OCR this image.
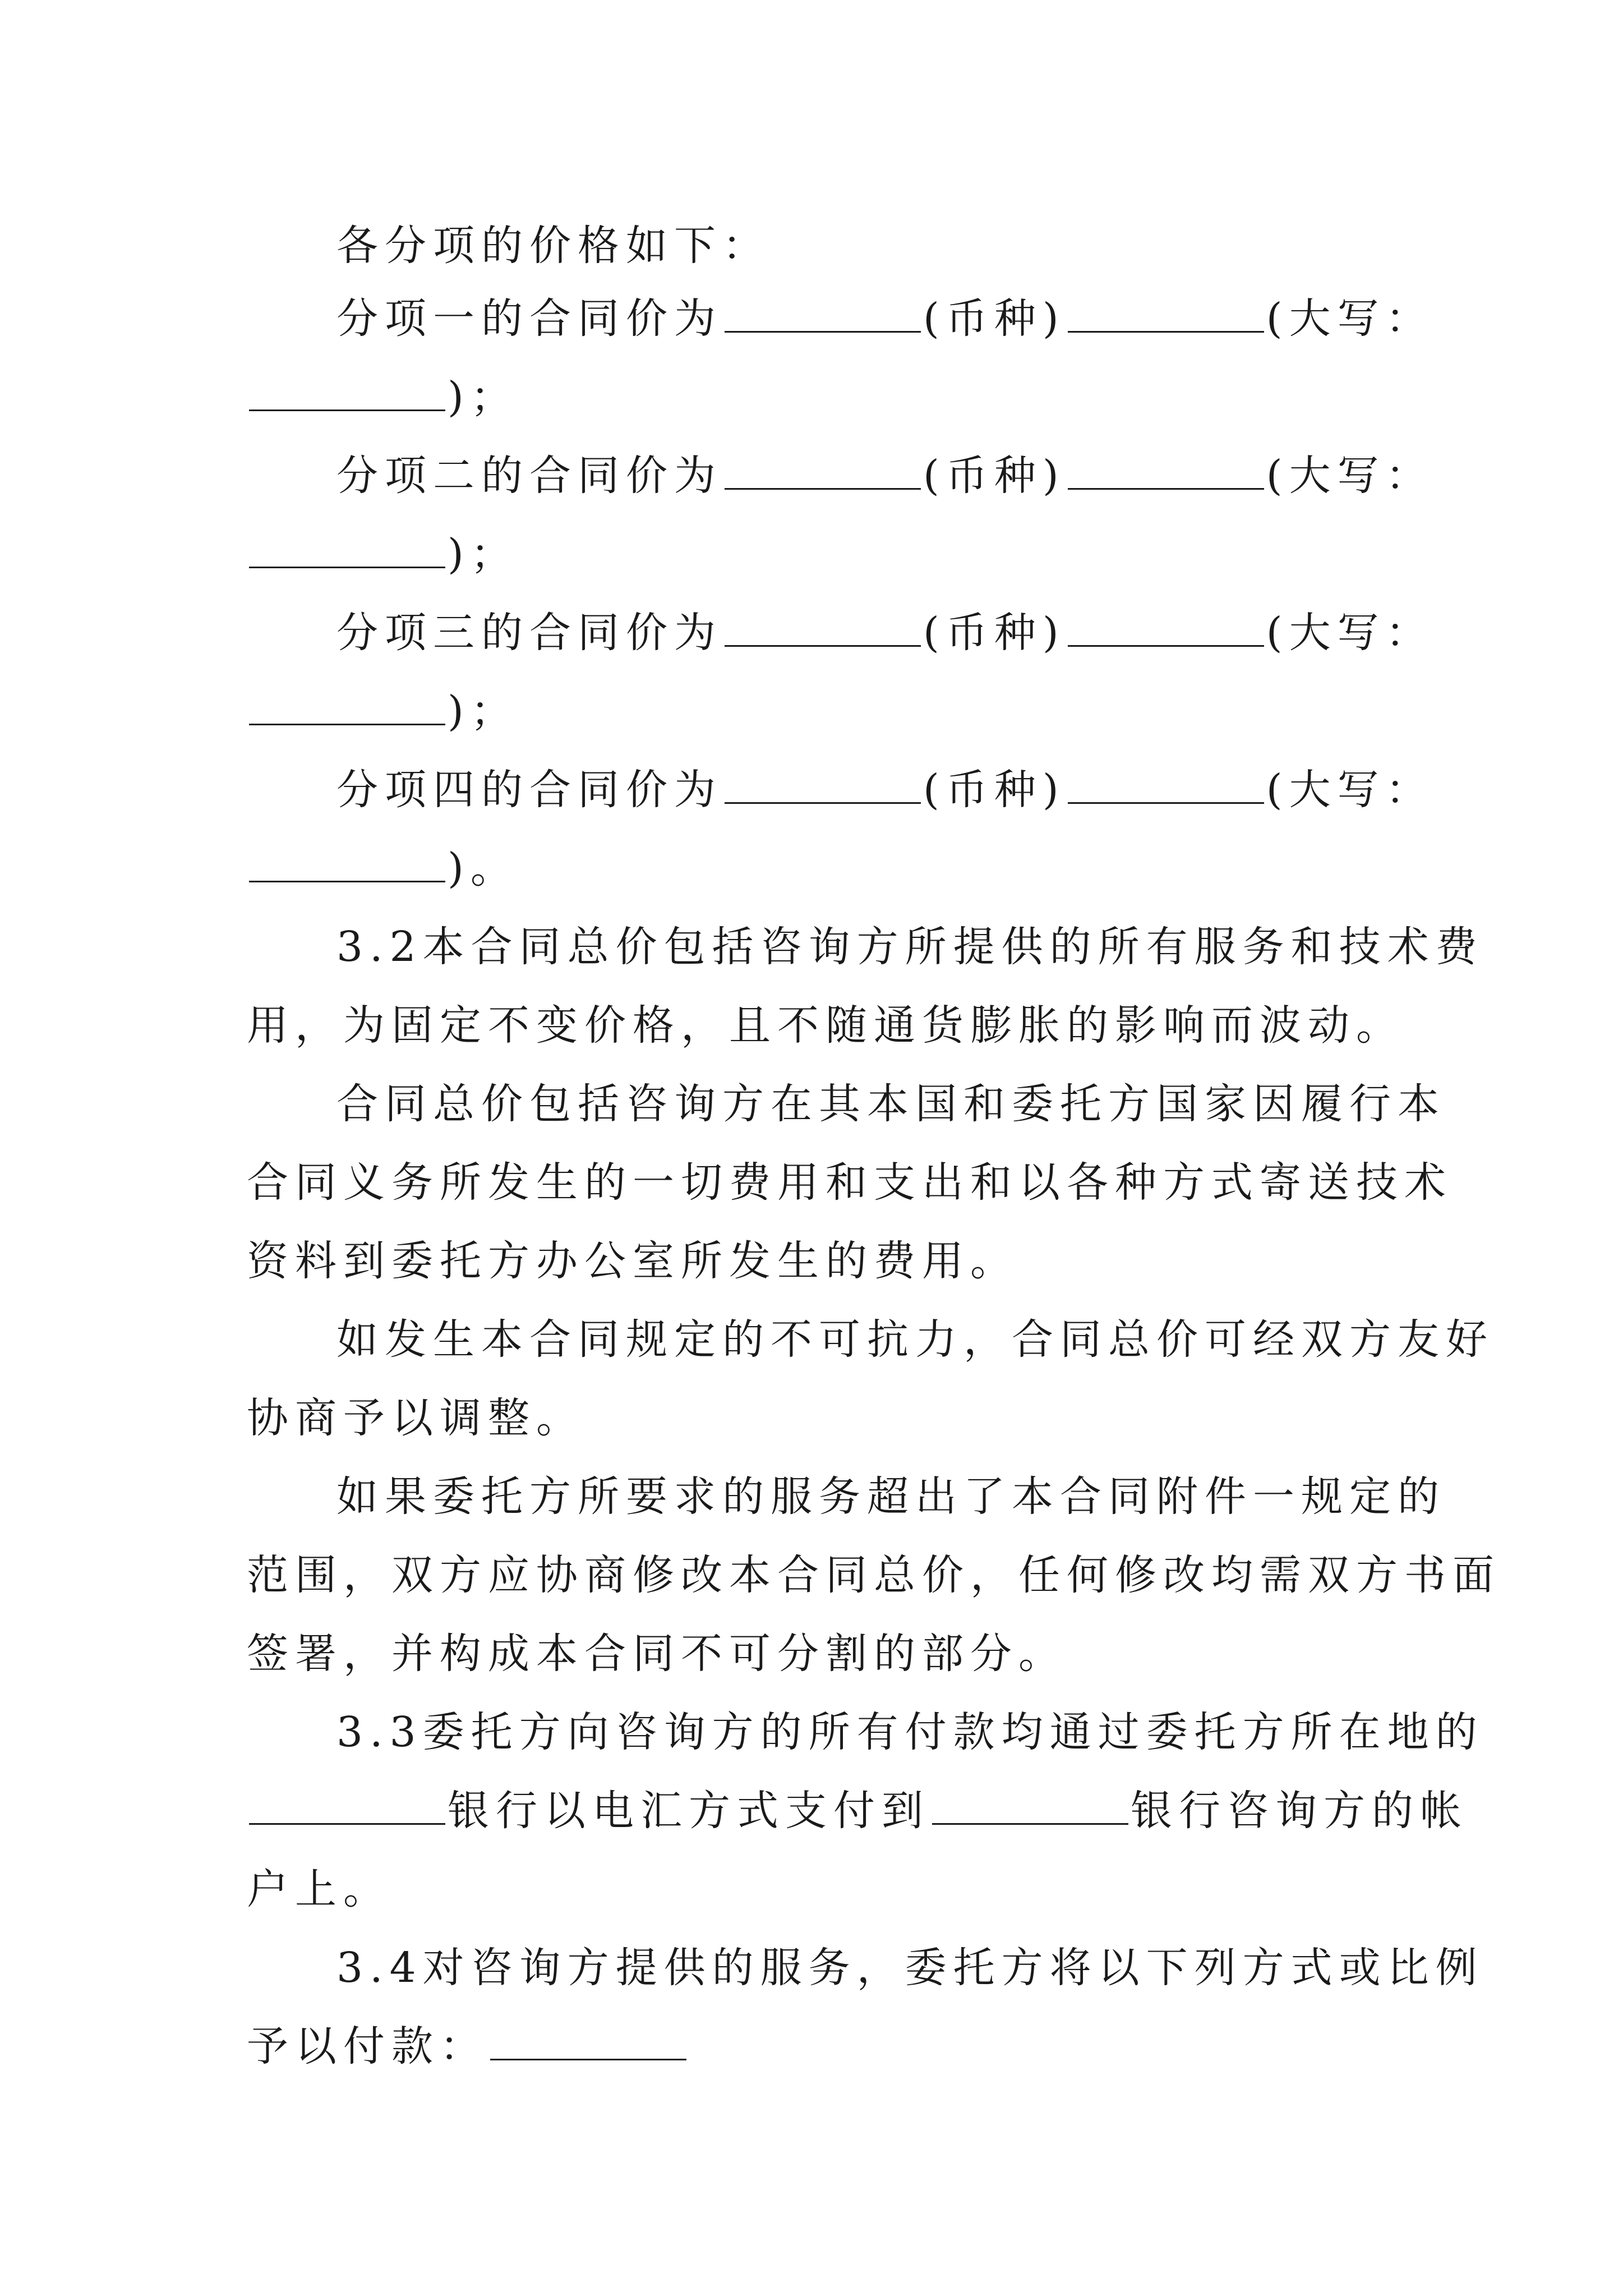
各分项的价格如下：
分项一的合同价为	(币种)	(大写：
)；
分项二的合同价为	(币种)	(大写：
)；
分项三的合同价为	(币种)	(大写：
)；
分项四的合同价为	(币种)	(大写：
)。
3.2本合同总价包括咨询方所提供的所有服务和技术费
用，为固定不变价格，且不随通货膨胀的影响而波动。
合同总价包括咨询方在其本国和委托方国家因履行本
合同义务所发生的一切费用和支出和以各种方式寄送技术
资料到委托方办公室所发生的费用。
如发生本合同规定的不可抗力，合同总价可经双方友好
协商予以调整。
如果委托方所要求的服务超出了本合同附件一规定的
范围，双方应协商修改本合同总价，任何修改均需双方书面
签署，并构成本合同不可分割的部分。
3.3委托方向咨询方的所有付款均通过委托方所在地的
银行以电汇方式支付到	银行咨询方的帐
户上。
3.4对咨询方提供的服务，委托方将以下列方式或比例
予以付款：
